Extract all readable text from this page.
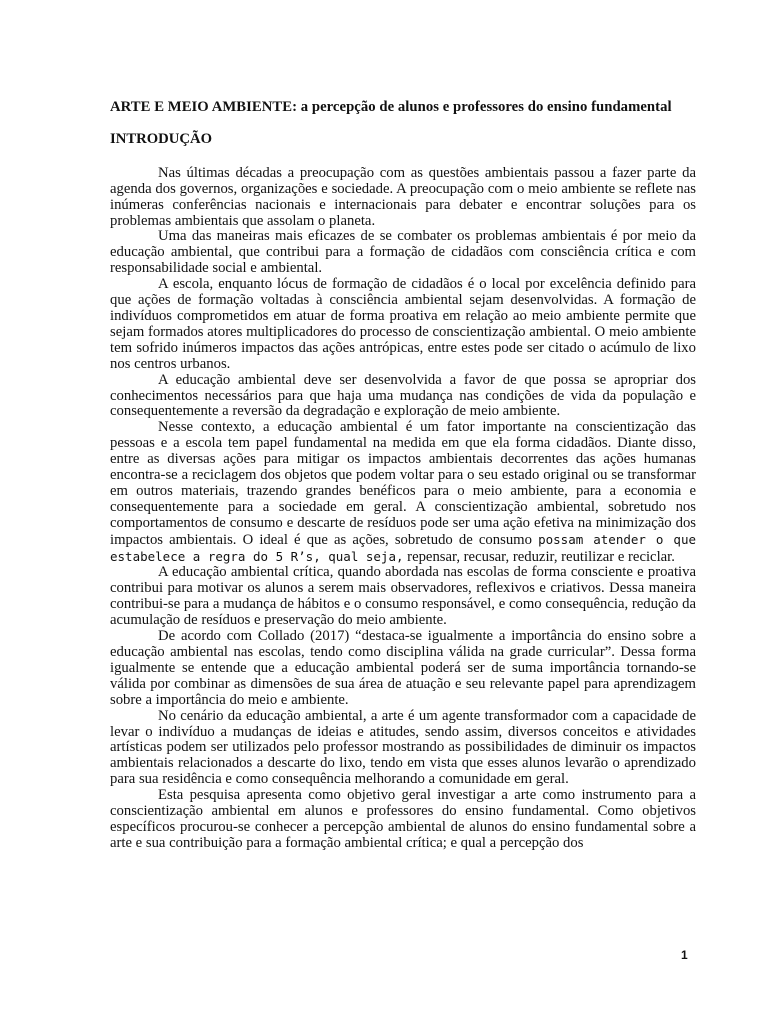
ARTE E MEIO AMBIENTE: a percepção de alunos e professores do ensino fundamental

INTRODUÇÃO

Nas últimas décadas a preocupação com as questões ambientais passou a fazer parte da agenda dos governos, organizações e sociedade. A preocupação com o meio ambiente se reflete nas inúmeras conferências nacionais e internacionais para debater e encontrar soluções para os problemas ambientais que assolam o planeta.

Uma das maneiras mais eficazes de se combater os problemas ambientais é por meio da educação ambiental, que contribui para a formação de cidadãos com consciência crítica e com responsabilidade social e ambiental.

A escola, enquanto lócus de formação de cidadãos é o local por excelência definido para que ações de formação voltadas à consciência ambiental sejam desenvolvidas. A formação de indivíduos comprometidos em atuar de forma proativa em relação ao meio ambiente permite que sejam formados atores multiplicadores do processo de conscientização ambiental. O meio ambiente tem sofrido inúmeros impactos das ações antrópicas, entre estes pode ser citado o acúmulo de lixo nos centros urbanos.

A educação ambiental deve ser desenvolvida a favor de que possa se apropriar dos conhecimentos necessários para que haja uma mudança nas condições de vida da população e consequentemente a reversão da degradação e exploração de meio ambiente.

Nesse contexto, a educação ambiental é um fator importante na conscientização das pessoas e a escola tem papel fundamental na medida em que ela forma cidadãos. Diante disso, entre as diversas ações para mitigar os impactos ambientais decorrentes das ações humanas encontra-se a reciclagem dos objetos que podem voltar para o seu estado original ou se transformar em outros materiais, trazendo grandes benéficos para o meio ambiente, para a economia e consequentemente para a sociedade em geral. A conscientização ambiental, sobretudo nos comportamentos de consumo e descarte de resíduos pode ser uma ação efetiva na minimização dos impactos ambientais. O ideal é que as ações, sobretudo de consumo possam atender o que estabelece a regra do 5 R’s, qual seja, repensar, recusar, reduzir, reutilizar e reciclar.

A educação ambiental crítica, quando abordada nas escolas de forma consciente e proativa contribui para motivar os alunos a serem mais observadores, reflexivos e criativos. Dessa maneira contribui-se para a mudança de hábitos e o consumo responsável, e como consequência, redução da acumulação de resíduos e preservação do meio ambiente.

De acordo com Collado (2017) “destaca-se igualmente a importância do ensino sobre a educação ambiental nas escolas, tendo como disciplina válida na grade curricular”. Dessa forma igualmente se entende que a educação ambiental poderá ser de suma importância tornando-se válida por combinar as dimensões de sua área de atuação e seu relevante papel para aprendizagem sobre a importância do meio e ambiente.

No cenário da educação ambiental, a arte é um agente transformador com a capacidade de levar o indivíduo a mudanças de ideias e atitudes, sendo assim, diversos conceitos e atividades artísticas podem ser utilizados pelo professor mostrando as possibilidades de diminuir os impactos ambientais relacionados a descarte do lixo, tendo em vista que esses alunos levarão o aprendizado para sua residência e como consequência melhorando a comunidade em geral.

Esta pesquisa apresenta como objetivo geral investigar a arte como instrumento para a conscientização ambiental em alunos e professores do ensino fundamental. Como objetivos específicos procurou-se conhecer a percepção ambiental de alunos do ensino fundamental sobre a arte e sua contribuição para a formação ambiental crítica; e qual a percepção dos

1
